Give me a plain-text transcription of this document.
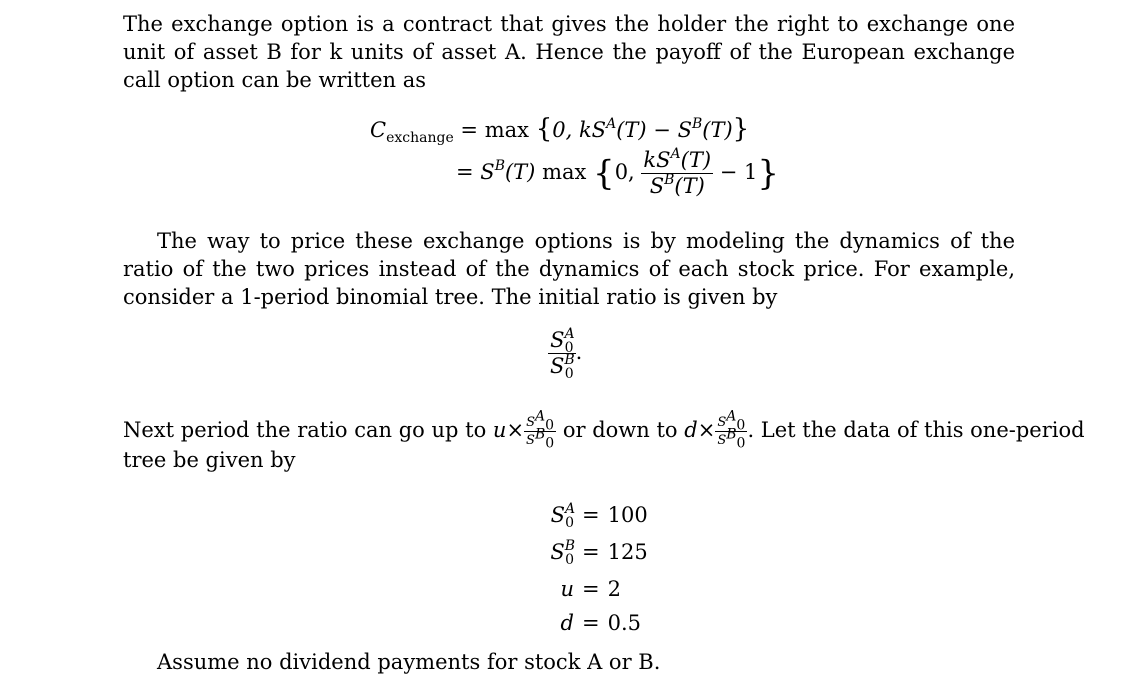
The exchange option is a contract that gives the holder the right to exchange one unit of asset B for k units of asset A. Hence the payoff of the European exchange call option can be written as
$C_{exchange} = \max \{0$, $kS^A(T) - S^B(T)$}
= $S^B(T)$ max {0, $\frac{kS^A(T)}{S^B(T)} - 1$}
The way to price these exchange options is by modeling the dynamics of the ratio of the two prices instead of the dynamics of each stock price. For example, consider a 1-period binomial tree. The initial ratio is given by
$\frac{S^A_0}{S^B_0}$ .
Next period the ratio can go up to $u\times \frac{S^A_0}{S^B_0}$ or down to $d\times \frac{S^A_0}{S^B_0}$ . Let the data of this one-period
tree be given by
$S^A_0 = 100$
$S^B_0 = 125$
u = 2
d = 0.5
Assume no dividend payments for stock A or B.
